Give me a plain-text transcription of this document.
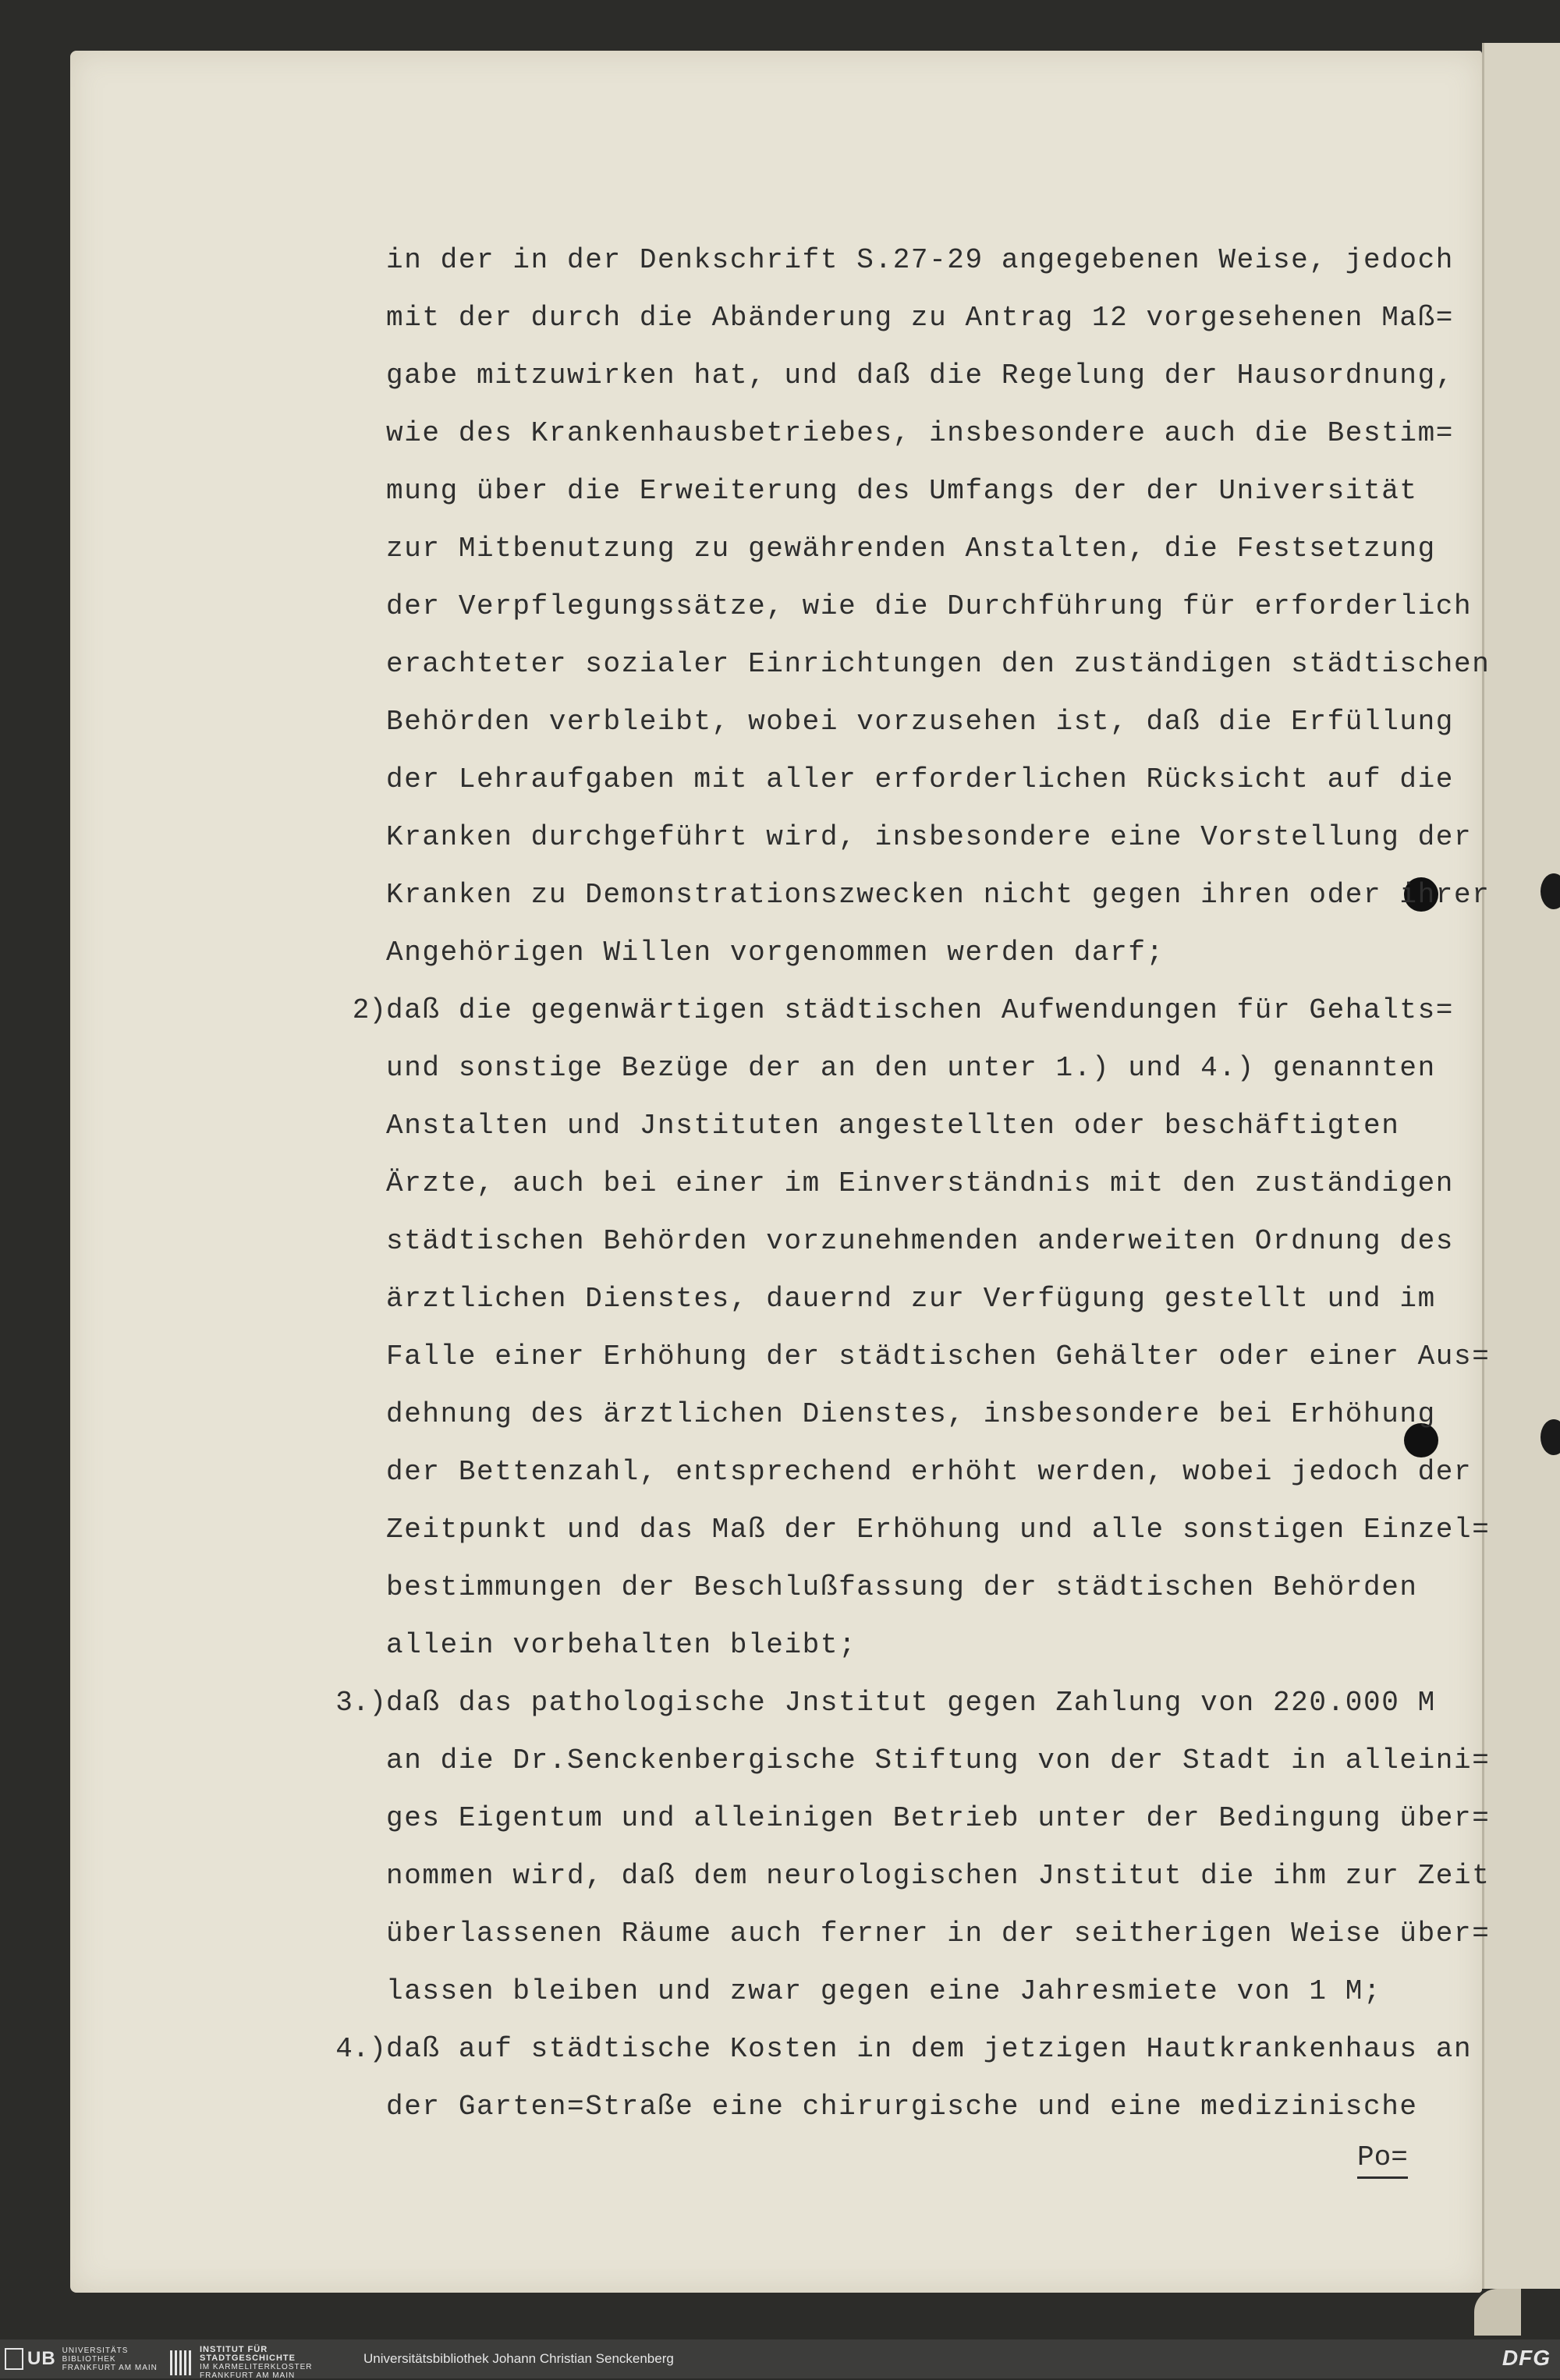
in der in der Denkschrift S.27-29 angegebenen Weise, jedoch
mit der durch die Abänderung zu Antrag 12 vorgesehenen Maß=
gabe mitzuwirken hat, und daß die Regelung der Hausordnung,
wie des Krankenhausbetriebes, insbesondere auch die Bestim=
mung über die Erweiterung des Umfangs der der Universität
zur Mitbenutzung zu gewährenden Anstalten, die Festsetzung
der Verpflegungssätze, wie die Durchführung für erforderlich
erachteter sozialer Einrichtungen den zuständigen städtischen
Behörden verbleibt, wobei vorzusehen ist, daß die Erfüllung
der Lehraufgaben mit aller erforderlichen Rücksicht auf die
Kranken durchgeführt wird, insbesondere eine Vorstellung der
Kranken zu Demonstrationszwecken nicht gegen ihren oder ihrer
Angehörigen Willen vorgenommen werden darf;
2) daß die gegenwärtigen städtischen Aufwendungen für Gehalts=
und sonstige Bezüge der an den unter 1.) und 4.) genannten
Anstalten und Jnstituten angestellten oder beschäftigten
Ärzte, auch bei einer im Einverständnis mit den zuständigen
städtischen Behörden vorzunehmenden anderweiten Ordnung des
ärztlichen Dienstes, dauernd zur Verfügung gestellt und im
Falle einer Erhöhung der städtischen Gehälter oder einer Aus=
dehnung des ärztlichen Dienstes, insbesondere bei Erhöhung
der Bettenzahl, entsprechend erhöht werden, wobei jedoch der
Zeitpunkt und das Maß der Erhöhung und alle sonstigen Einzel=
bestimmungen der Beschlußfassung der städtischen Behörden
allein vorbehalten bleibt;
3.) daß das pathologische Jnstitut gegen Zahlung von 220.000 M
an die Dr.Senckenbergische Stiftung von der Stadt in alleini=
ges Eigentum und alleinigen Betrieb unter der Bedingung über=
nommen wird, daß dem neurologischen Jnstitut die ihm zur Zeit
überlassenen Räume auch ferner in der seitherigen Weise über=
lassen bleiben und zwar gegen eine Jahresmiete von 1 M;
4.) daß auf städtische Kosten in dem jetzigen Hautkrankenhaus an
der Garten=Straße eine chirurgische und eine medizinische
Po=
UB UNIVERSITÄTS
BIBLIOTHEK
FRANKFURT AM MAIN
INSTITUT FÜR
STADTGESCHICHTE
IM KARMELITERKLOSTER
FRANKFURT AM MAIN
Universitätsbibliothek Johann Christian Senckenberg	DFG
